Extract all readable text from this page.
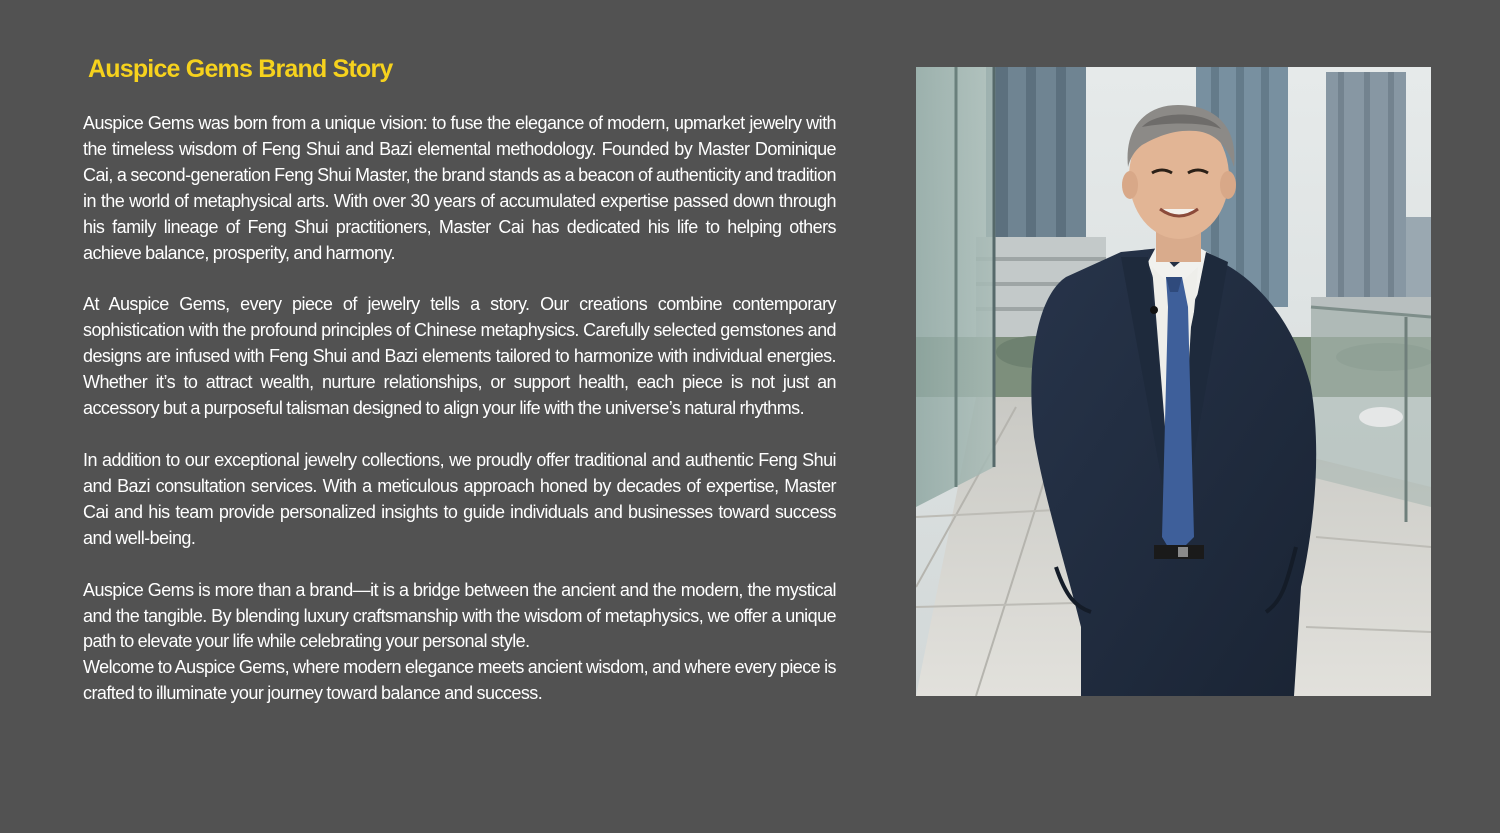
Auspice Gems Brand Story

Auspice Gems was born from a unique vision: to fuse the elegance of modern, upmarket jewelry with the timeless wisdom of Feng Shui and Bazi elemental methodology. Founded by Master Dominique Cai, a second-generation Feng Shui Master, the brand stands as a beacon of authenticity and tradition in the world of metaphysical arts. With over 30 years of accumulated expertise passed down through his family lineage of Feng Shui practitioners, Master Cai has dedicated his life to helping others achieve balance, prosperity, and harmony.

At Auspice Gems, every piece of jewelry tells a story. Our creations combine contemporary sophistication with the profound principles of Chinese metaphysics. Carefully selected gemstones and designs are infused with Feng Shui and Bazi elements tailored to harmonize with individual energies. Whether it’s to attract wealth, nurture relationships, or support health, each piece is not just an accessory but a purposeful talisman designed to align your life with the universe’s natural rhythms.

In addition to our exceptional jewelry collections, we proudly offer traditional and authentic Feng Shui and Bazi consultation services. With a meticulous approach honed by decades of expertise, Master Cai and his team provide personalized insights to guide individuals and businesses toward success and well-being.

Auspice Gems is more than a brand—it is a bridge between the ancient and the modern, the mystical and the tangible. By blending luxury craftsmanship with the wisdom of metaphysics, we offer a unique path to elevate your life while celebrating your personal style.

Welcome to Auspice Gems, where modern elegance meets ancient wisdom, and where every piece is crafted to illuminate your journey toward balance and success.
